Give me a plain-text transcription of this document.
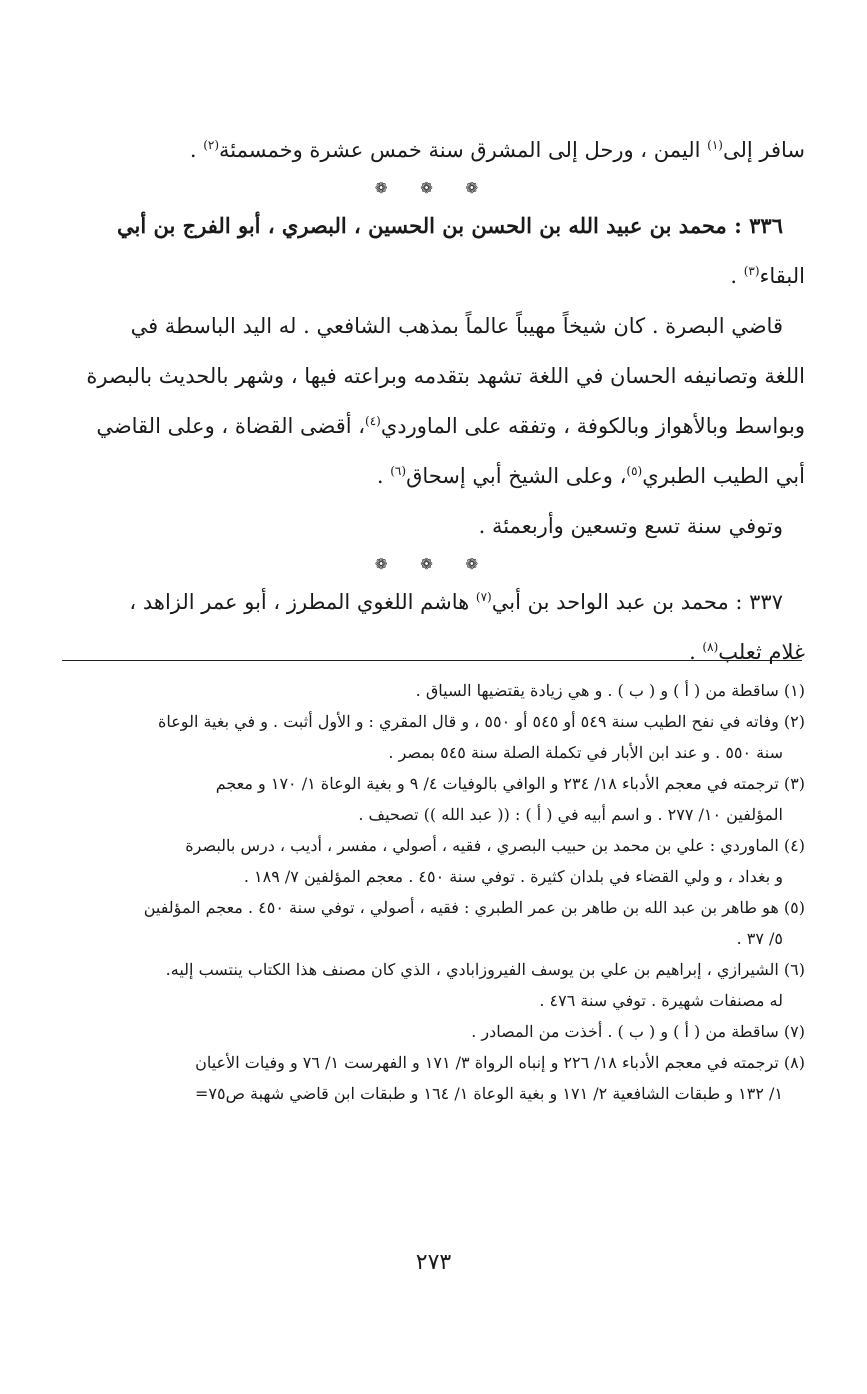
سافر إلى$^{(١)}$ اليمن ، ورحل إلى المشرق سنة خمس عشرة وخمسمئة$^{(٢)}$ .
❁ ❁ ❁
٣٣٦ : محمد بن عبيد الله بن الحسن بن الحسين ، البصري ، أبو الفرج بن أبي
البقاء$^{(٣)}$ .
قاضي البصرة . كان شيخاً مهيباً عالماً بمذهب الشافعي . له اليد الباسطة في
اللغة وتصانيفه الحسان في اللغة تشهد بتقدمه وبراعته فيها ، وشهر بالحديث بالبصرة
وبواسط وبالأهواز وبالكوفة ، وتفقه على الماوردي$^{(٤)}$، أقضى القضاة ، وعلى القاضي
أبي الطيب الطبري$^{(٥)}$، وعلى الشيخ أبي إسحاق$^{(٦)}$ .
وتوفي سنة تسع وتسعين وأربعمئة .
❁ ❁ ❁
٣٣٧ : محمد بن عبد الواحد بن أبي$^{(٧)}$ هاشم اللغوي المطرز ، أبو عمر الزاهد ،
غلام ثعلب$^{(٨)}$ .
(١) ساقطة من ( أ ) و ( ب ) . و هي زيادة يقتضيها السياق .
(٢) وفاته في نفح الطيب سنة ٥٤٩ أو ٥٤٥ أو ٥٥٠ ، و قال المقري : و الأول أثبت . و في بغية الوعاة
سنة ٥٥٠ . و عند ابن الأبار في تكملة الصلة سنة ٥٤٥ بمصر .
(٣) ترجمته في معجم الأدباء ١٨/ ٢٣٤ و الوافي بالوفيات ٤/ ٩ و بغية الوعاة ١/ ١٧٠ و معجم
المؤلفين ١٠/ ٢٧٧ . و اسم أبيه في ( أ ) : (( عبد الله )) تصحيف .
(٤) الماوردي : علي بن محمد بن حبيب البصري ، فقيه ، أصولي ، مفسر ، أديب ، درس بالبصرة
و بغداد ، و ولي القضاء في بلدان كثيرة . توفي سنة ٤٥٠ . معجم المؤلفين ٧/ ١٨٩ .
(٥) هو طاهر بن عبد الله بن طاهر بن عمر الطبري : فقيه ، أصولي ، توفي سنة ٤٥٠ . معجم المؤلفين
٥/ ٣٧ .
(٦) الشيرازي ، إبراهيم بن علي بن يوسف الفيروزابادي ، الذي كان مصنف هذا الكتاب ينتسب إليه.
له مصنفات شهيرة . توفي سنة ٤٧٦ .
(٧) ساقطة من ( أ ) و ( ب ) . أخذت من المصادر .
(٨) ترجمته في معجم الأدباء ١٨/ ٢٢٦ و إنباه الرواة ٣/ ١٧١ و الفهرست ١/ ٧٦ و وفيات الأعيان
١/ ١٣٢ و طبقات الشافعية ٢/ ١٧١ و بغية الوعاة ١/ ١٦٤ و طبقات ابن قاضي شهبة ص٧٥=
٢٧٣
